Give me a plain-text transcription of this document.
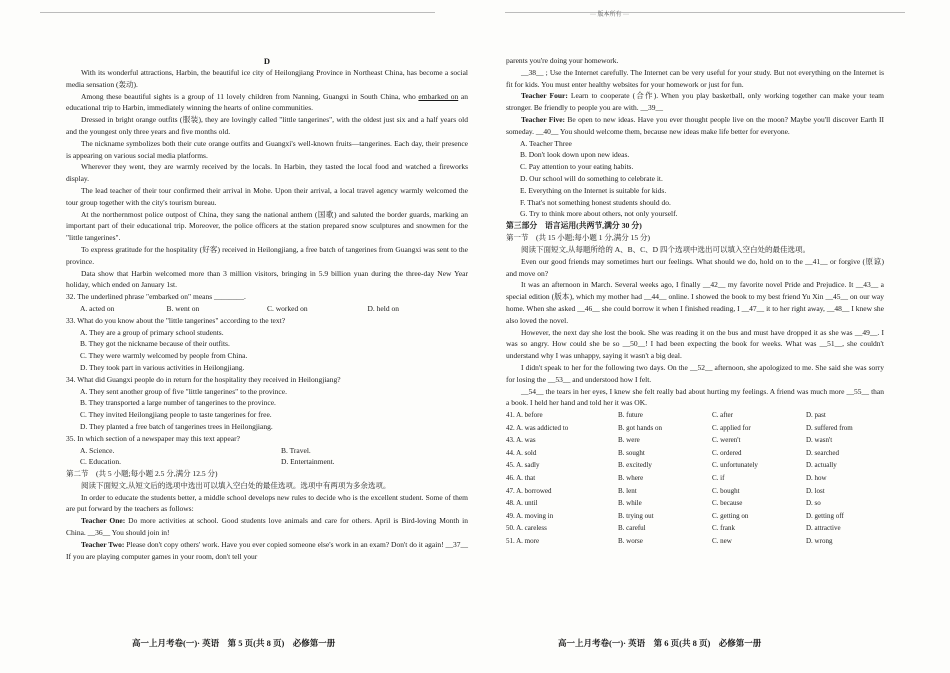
··· 版本所有 ···

D

With its wonderful attractions, Harbin, the beautiful ice city of Heilongjiang Province in Northeast China, has become a social media sensation (轰动).

Among these beautiful sights is a group of 11 lovely children from Nanning, Guangxi in South China, who embarked on an educational trip to Harbin, immediately winning the hearts of online communities.

Dressed in bright orange outfits (服装), they are lovingly called "little tangerines", with the oldest just six and a half years old and the youngest only three years and five months old.

The nickname symbolizes both their cute orange outfits and Guangxi's well-known fruits—tangerines. Each day, their presence is appearing on various social media platforms.

Wherever they went, they are warmly received by the locals. In Harbin, they tasted the local food and watched a fireworks display.

The lead teacher of their tour confirmed their arrival in Mohe. Upon their arrival, a local travel agency warmly welcomed the tour group together with the city's tourism bureau.

At the northernmost police outpost of China, they sang the national anthem (国歌) and saluted the border guards, marking an important part of their educational trip. Moreover, the police officers at the station prepared snow sculptures and snowmen for the "little tangerines".

To express gratitude for the hospitality (好客) received in Heilongjiang, a free batch of tangerines from Guangxi was sent to the province.

Data show that Harbin welcomed more than 3 million visitors, bringing in 5.9 billion yuan during the three-day New Year holiday, which ended on January 1st.

32. The underlined phrase "embarked on" means ________.

A. acted on	B. went on	C. worked on	D. held on

33. What do you know about the "little tangerines" according to the text?

A. They are a group of primary school students.
B. They got the nickname because of their outfits.
C. They were warmly welcomed by people from China.
D. They took part in various activities in Heilongjiang.

34. What did Guangxi people do in return for the hospitality they received in Heilongjiang?

A. They sent another group of five "little tangerines" to the province.
B. They transported a large number of tangerines to the province.
C. They invited Heilongjiang people to taste tangerines for free.
D. They planted a free batch of tangerines trees in Heilongjiang.

35. In which section of a newspaper may this text appear?

A. Science.	B. Travel.
C. Education.	D. Entertainment.

第二节　(共 5 小题;每小题 2.5 分,满分 12.5 分)

阅读下面短文,从短文后的选项中选出可以填入空白处的最佳选项。选项中有两项为多余选项。

In order to educate the students better, a middle school develops new rules to decide who is the excellent student. Some of them are put forward by the teachers as follows:

Teacher One: Do more activities at school. Good students love animals and care for others. April is Bird-loving Month in China. __36__ You should join in!

Teacher Two: Please don't copy others' work. Have you ever copied someone else's work in an exam? Don't do it again! __37__ If you are playing computer games in your room, don't tell your

高一上月考卷(一)· 英语　第 5 页(共 8 页)　必修第一册

parents you're doing your homework.

__38__ ; Use the Internet carefully. The Internet can be very useful for your study. But not everything on the Internet is fit for kids. You must enter healthy websites for your homework or just for fun.

Teacher Four: Learn to cooperate (合作). When you play basketball, only working together can make your team stronger. Be friendly to people you are with. __39__

Teacher Five: Be open to new ideas. Have you ever thought people live on the moon? Maybe you'll discover Earth II someday. __40__ You should welcome them, because new ideas make life better for everyone.

A. Teacher Three
B. Don't look down upon new ideas.
C. Pay attention to your eating habits.
D. Our school will do something to celebrate it.
E. Everything on the Internet is suitable for kids.
F. That's not something honest students should do.
G. Try to think more about others, not only yourself.

第三部分　语言运用(共两节,满分 30 分)

第一节　(共 15 小题;每小题 1 分,满分 15 分)

阅读下面短文,从每题所给的 A、B、C、D 四个选项中选出可以填入空白处的最佳选项。

Even our good friends may sometimes hurt our feelings. What should we do, hold on to the __41__ or forgive (原谅) and move on?

It was an afternoon in March. Several weeks ago, I finally __42__ my favorite novel Pride and Prejudice. It __43__ a special edition (版本), which my mother had __44__ online. I showed the book to my best friend Yu Xin __45__ on our way home. When she asked __46__ she could borrow it when I finished reading, I __47__ it to her right away, __48__ I knew she also loved the novel.

However, the next day she lost the book. She was reading it on the bus and must have dropped it as she was __49__. I was so angry. How could she be so __50__! I had been expecting the book for weeks. What was __51__, she couldn't understand why I was unhappy, saying it wasn't a big deal.

I didn't speak to her for the following two days. On the __52__ afternoon, she apologized to me. She said she was sorry for losing the __53__ and understood how I felt.

__54__ the tears in her eyes, I knew she felt really bad about hurting my feelings. A friend was much more __55__ than a book. I held her hand and told her it was OK.

41. A. before	B. future	C. after	D. past
42. A. was addicted to	B. got hands on	C. applied for	D. suffered from
43. A. was	B. were	C. weren't	D. wasn't
44. A. sold	B. sought	C. ordered	D. searched
45. A. sadly	B. excitedly	C. unfortunately	D. actually
46. A. that	B. where	C. if	D. how
47. A. borrowed	B. lent	C. bought	D. lost
48. A. until	B. while	C. because	D. so
49. A. moving in	B. trying out	C. getting on	D. getting off
50. A. careless	B. careful	C. frank	D. attractive
51. A. more	B. worse	C. new	D. wrong
高一上月考卷(一)· 英语　第 6 页(共 8 页)　必修第一册
